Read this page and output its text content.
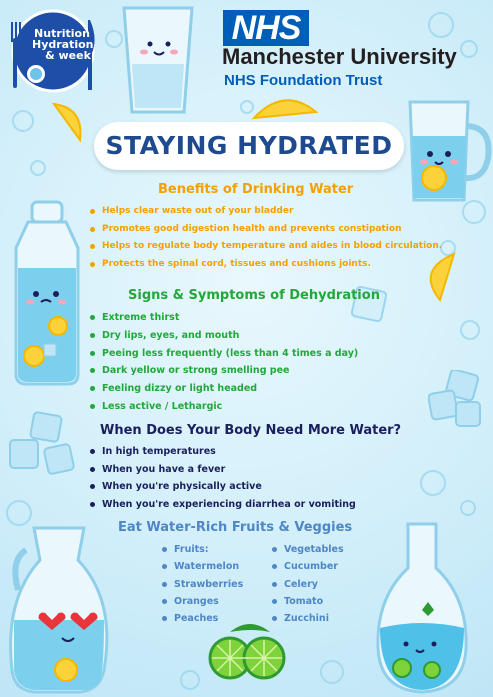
Nutrition
Hydration
& week
NHS
Manchester University
NHS Foundation Trust
STAYING HYDRATED
Benefits of Drinking Water
Helps clear waste out of your bladder
Promotes good digestion health and prevents constipation
Helps to regulate body temperature and aides in blood circulation.
Protects the spinal cord, tissues and cushions joints.
Signs & Symptoms of Dehydration
Extreme thirst
Dry lips, eyes, and mouth
Peeing less frequently (less than 4 times a day)
Dark yellow or strong smelling pee
Feeling dizzy or light headed
Less active / Lethargic
When Does Your Body Need More Water?
In high temperatures
When you have a fever
When you're physically active
When you're experiencing diarrhea or vomiting
Eat Water-Rich Fruits & Veggies
Fruits:
Watermelon
Strawberries
Oranges
Peaches
Vegetables
Cucumber
Celery
Tomato
Zucchini
